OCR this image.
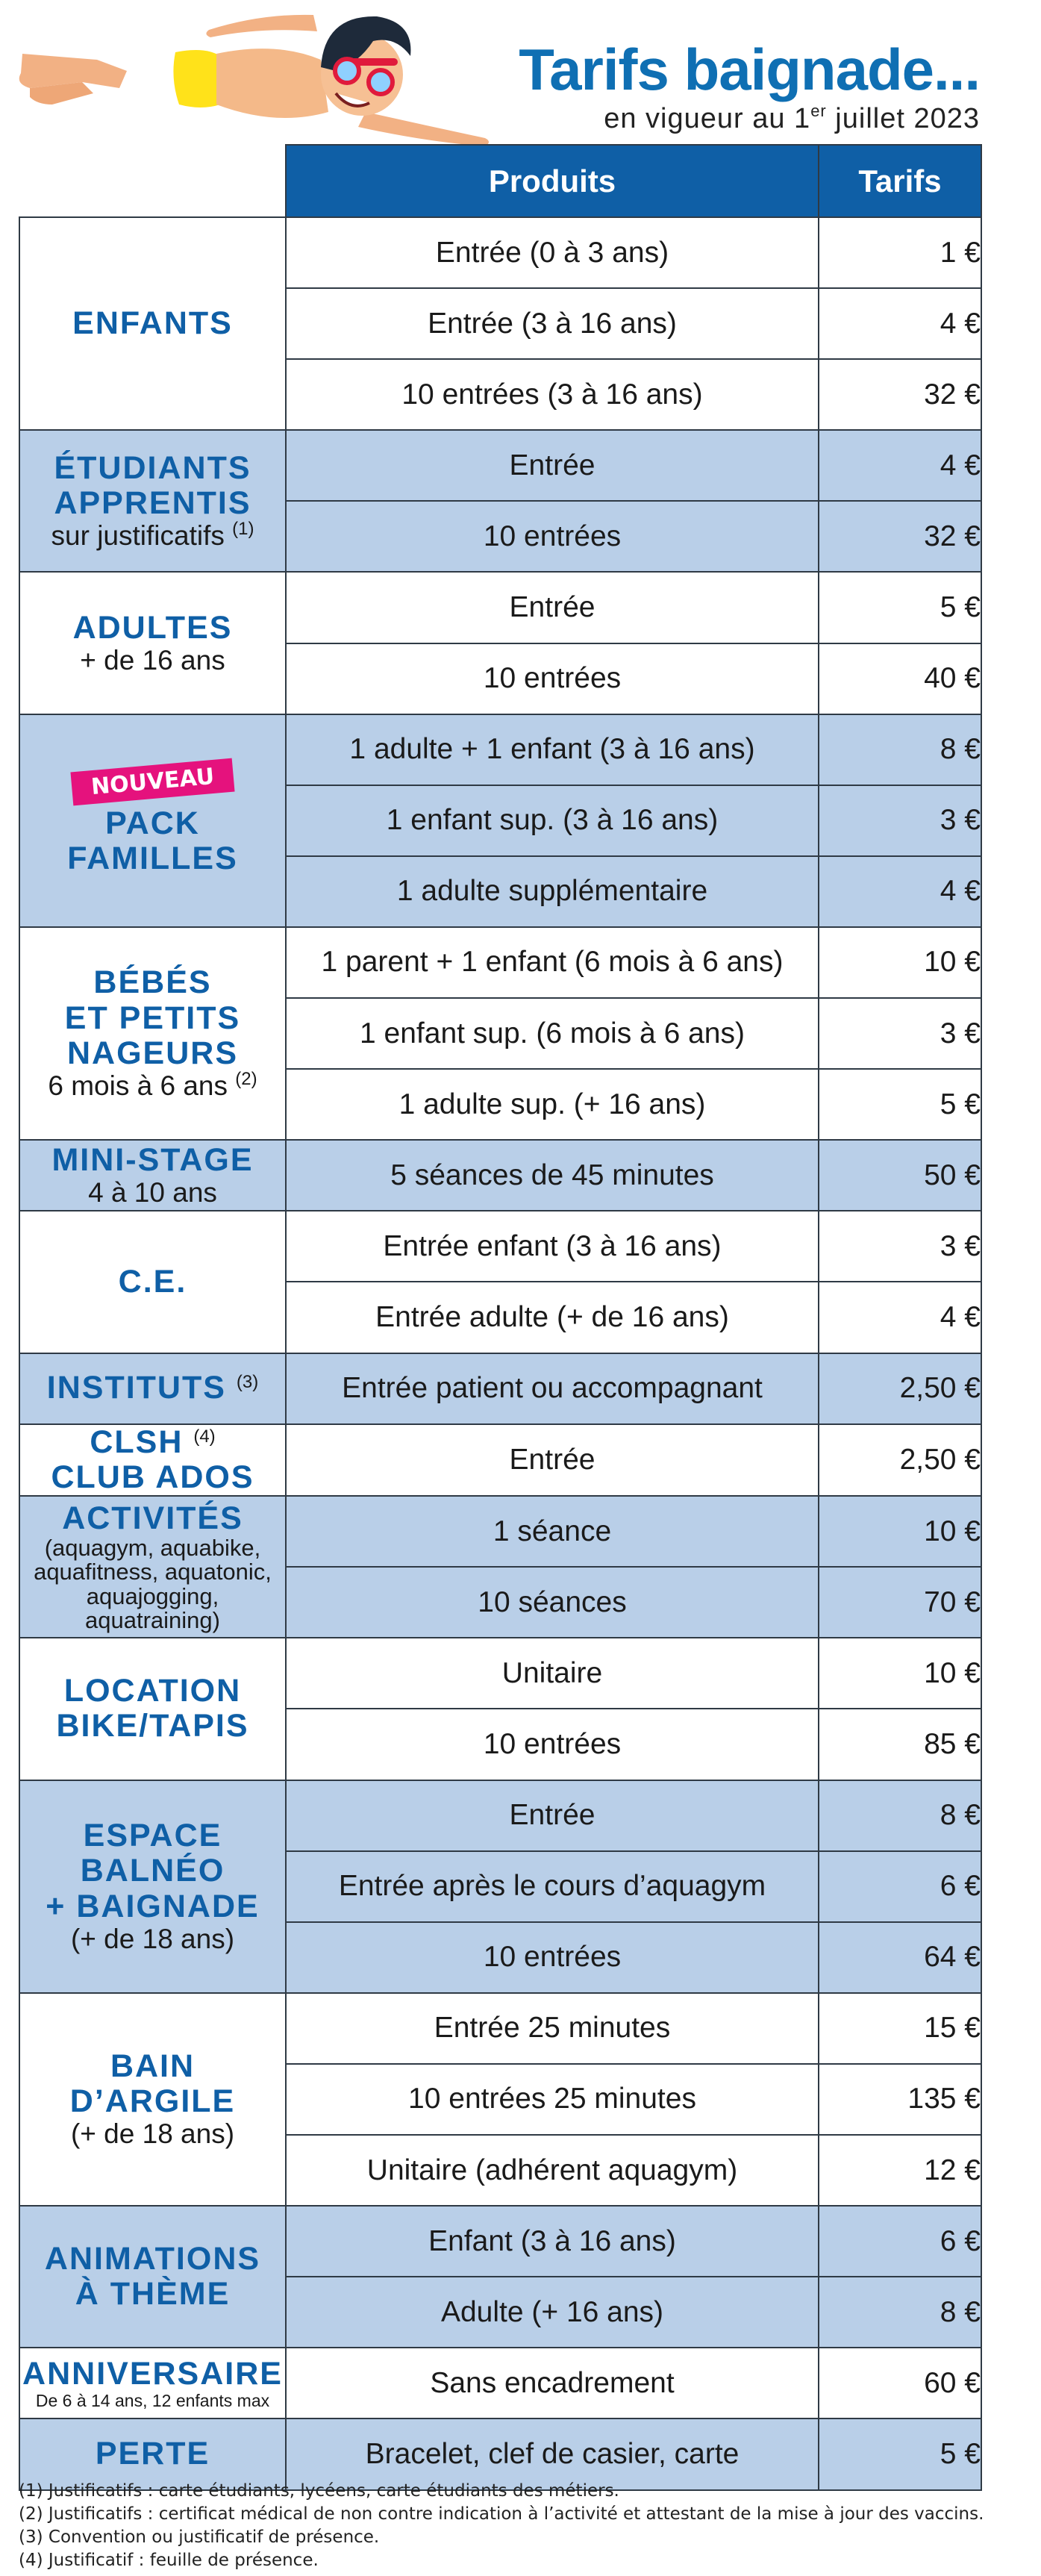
Tarifs baignade...

en vigueur au 1er juillet 2023

	Produits	Tarifs

ENFANTS	Entrée (0 à 3 ans)	1 €
	Entrée (3 à 16 ans)	4 €
	10 entrées (3 à 16 ans)	32 €

ÉTUDIANTS
APPRENTIS
sur justificatifs $^{(1)}$	Entrée	4 €
	10 entrées	32 €

ADULTES
+ de 16 ans	Entrée	5 €
	10 entrées	40 €
NOUVEAU

PACK
FAMILLES	1 adulte + 1 enfant (3 à 16 ans)	8 €
	1 enfant sup. (3 à 16 ans)	3 €
	1 adulte supplémentaire	4 €

BÉBÉS
ET PETITS
NAGEURS
6 mois à 6 ans $^{(2)}$	1 parent + 1 enfant (6 mois à 6 ans)	10 €
	1 enfant sup. (6 mois à 6 ans)	3 €
	1 adulte sup. (+ 16 ans)	5 €

MINI-STAGE
4 à 10 ans	5 séances de 45 minutes	50 €

C.E.	Entrée enfant (3 à 16 ans)	3 €
	Entrée adulte (+ de 16 ans)	4 €

INSTITUTS $^{(3)}$	Entrée patient ou accompagnant	2,50 €

CLSH $^{(4)}$
CLUB ADOS	Entrée	2,50 €

ACTIVITÉS
(aquagym, aquabike,
aquafitness, aquatonic,
aquajogging,
aquatraining)	1 séance	10 €
	10 séances	70 €

LOCATION
BIKE/TAPIS	Unitaire	10 €
	10 entrées	85 €

ESPACE
BALNÉO
+ BAIGNADE
(+ de 18 ans)	Entrée	8 €
	Entrée après le cours d’aquagym	6 €
	10 entrées	64 €

BAIN
D’ARGILE
(+ de 18 ans)	Entrée 25 minutes	15 €
	10 entrées 25 minutes	135 €
	Unitaire (adhérent aquagym)	12 €

ANIMATIONS
À THÈME	Enfant (3 à 16 ans)	6 €
	Adulte (+ 16 ans)	8 €

ANNIVERSAIRE
De 6 à 14 ans, 12 enfants max	Sans encadrement	60 €

PERTE	Bracelet, clef de casier, carte	5 €

(1) Justificatifs : carte étudiants, lycéens, carte étudiants des métiers.

(2) Justificatifs : certificat médical de non contre indication à l’activité et attestant de la mise à jour des vaccins.

(3) Convention ou justificatif de présence.

(4) Justificatif : feuille de présence.
